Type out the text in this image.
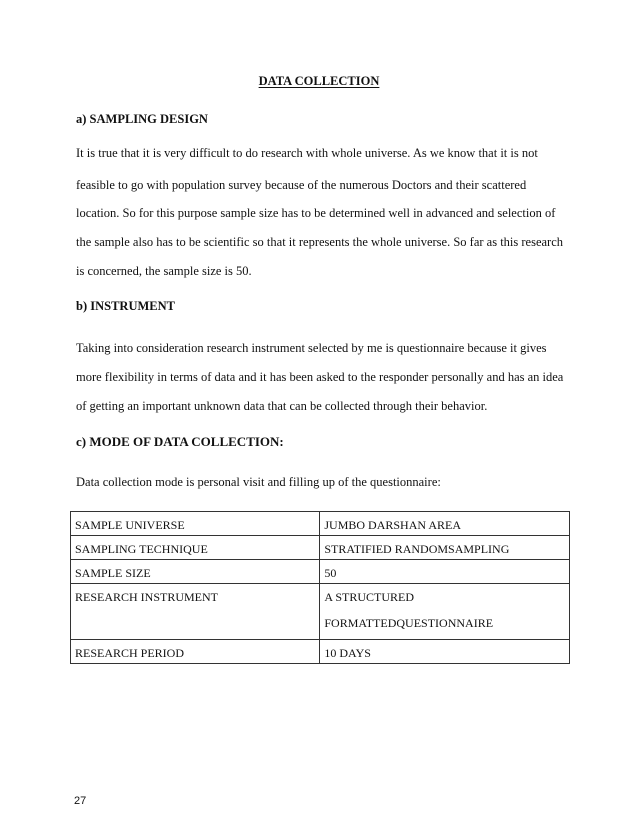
DATA COLLECTION
a) SAMPLING DESIGN
It is true that it is very difficult to do research with whole universe. As we know that it is not
feasible to go with population survey because of the numerous Doctors and their scattered
location. So for this purpose sample size has to be determined well in advanced and selection of
the sample also has to be scientific so that it represents the whole universe. So far as this research
is concerned, the sample size is 50.
b) INSTRUMENT
Taking into consideration research instrument selected by me is questionnaire because it gives
more flexibility in terms of data and it has been asked to the responder personally and has an idea
of getting an important unknown data that can be collected through their behavior.
c) MODE OF DATA COLLECTION:
Data collection mode is personal visit and filling up of the questionnaire:
SAMPLE UNIVERSE	JUMBO DARSHAN AREA
SAMPLING TECHNIQUE	STRATIFIED RANDOMSAMPLING
SAMPLE SIZE	50
RESEARCH INSTRUMENT	A STRUCTURED
FORMATTEDQUESTIONNAIRE

RESEARCH PERIOD	10 DAYS
27
